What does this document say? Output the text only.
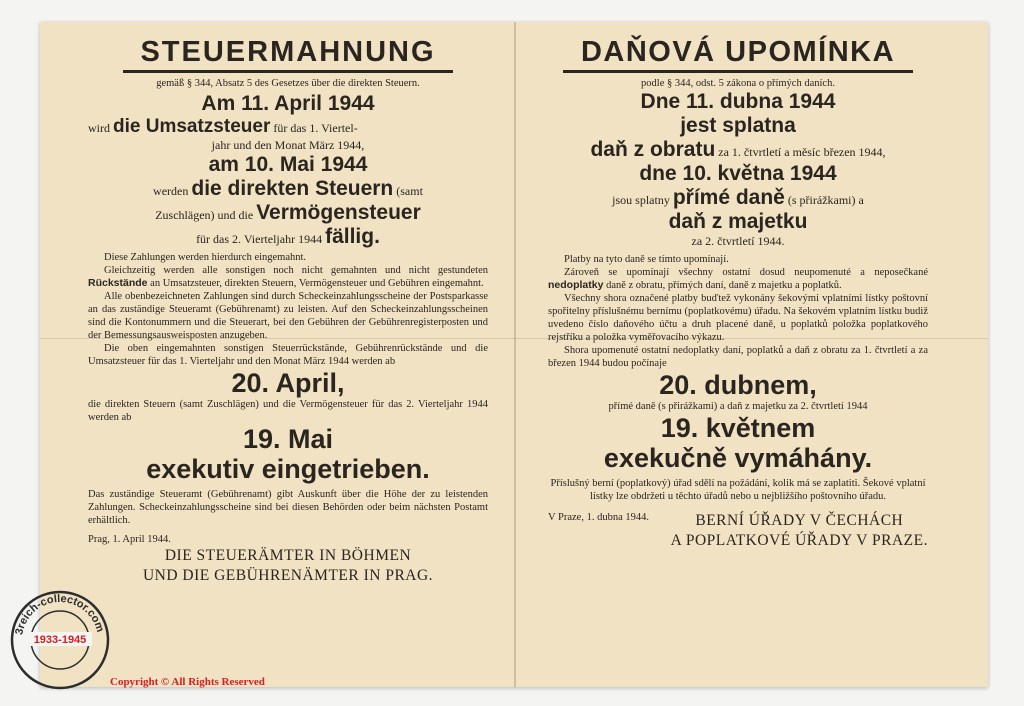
STEUERMAHNUNG
gemäß § 344, Absatz 5 des Gesetzes über die direkten Steuern.
Am 11. April 1944
wird die Umsatzsteuer für das 1. Viertel-
jahr und den Monat März 1944,
am 10. Mai 1944
werden die direkten Steuern (samt
Zuschlägen) und die Vermögensteuer
für das 2. Vierteljahr 1944 fällig.

Diese Zahlungen werden hierdurch eingemahnt.

Gleichzeitig werden alle sonstigen noch nicht gemahnten und nicht gestundeten Rückstände an Umsatzsteuer, direkten Steuern, Vermögensteuer und Gebühren eingemahnt.

Alle obenbezeichneten Zahlungen sind durch Scheckeinzahlungsscheine der Postsparkasse an das zuständige Steueramt (Gebührenamt) zu leisten. Auf den Scheckeinzahlungsscheinen sind die Kontonummern und die Steuerart, bei den Gebühren der Gebührenregisterposten und der Bemessungsausweisposten anzugeben.

Die oben eingemahnten sonstigen Steuerrückstände, Gebührenrückstände und die Umsatzsteuer für das 1. Vierteljahr und den Monat März 1944 werden ab

20. April,
die direkten Steuern (samt Zuschlägen) und die Vermögensteuer für das 2. Vierteljahr 1944 werden ab
19. Mai
exekutiv eingetrieben.
Das zuständige Steueramt (Gebührenamt) gibt Auskunft über die Höhe der zu leistenden Zahlungen. Scheckeinzahlungsscheine sind bei diesen Behörden oder beim nächsten Postamt erhältlich.
Prag, 1. April 1944.
DIE STEUERÄMTER IN BÖHMEN
UND DIE GEBÜHRENÄMTER IN PRAG.
DAŇOVÁ UPOMÍNKA
podle § 344, odst. 5 zákona o přímých daních.
Dne 11. dubna 1944
jest splatna
daň z obratu za 1. čtvrtletí a měsíc březen 1944,
dne 10. května 1944
jsou splatny přímé daně (s přirážkami) a
daň z majetku
za 2. čtvrtletí 1944.

Platby na tyto daně se tímto upomínají.

Zároveň se upomínají všechny ostatní dosud neupomenuté a neposečkané nedoplatky daně z obratu, přímých daní, daně z majetku a poplatků.

Všechny shora označené platby buďtež vykonány šekovými vplatními lístky poštovní spořitelny příslušnému bernímu (poplatkovému) úřadu. Na šekovém vplatním lístku budiž uvedeno číslo daňového účtu a druh placené daně, u poplatků položka poplatkového rejstříku a položka vyměřovacího výkazu.

Shora upomenuté ostatní nedoplatky daní, poplatků a daň z obratu za 1. čtvrtletí a za březen 1944 budou počínaje

20. dubnem,
přímé daně (s přirážkami) a daň z majetku za 2. čtvrtletí 1944
19. květnem
exekučně vymáhány.
Příslušný berní (poplatkový) úřad sdělí na požádání, kolik má se zaplatiti. Šekové vplatní lístky lze obdržeti u těchto úřadů nebo u nejbližšího poštovního úřadu.
V Praze, 1. dubna 1944.	BERNÍ ÚŘADY V ČECHÁCH
A POPLATKOVÉ ÚŘADY V PRAZE.
3reich-collector.com
1933-1945
Copyright © All Rights Reserved
